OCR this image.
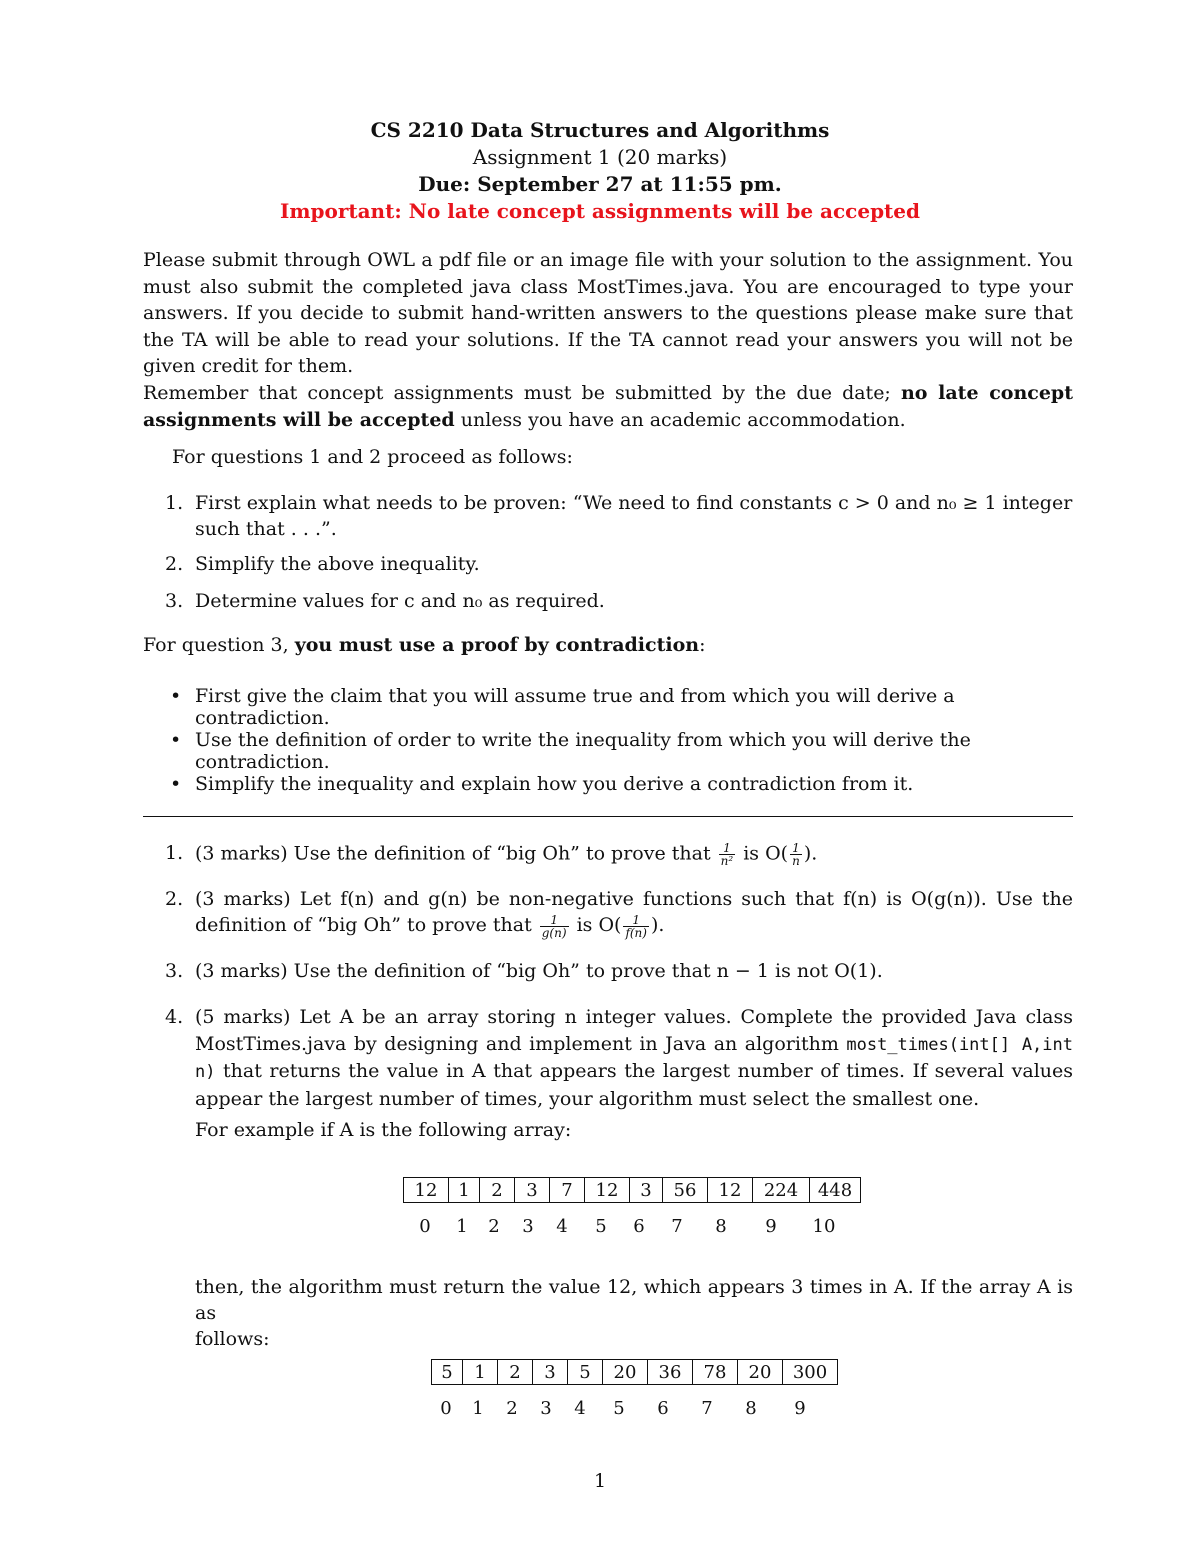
CS 2210 Data Structures and Algorithms
Assignment 1 (20 marks)
Due: September 27 at 11:55 pm.
Important: No late concept assignments will be accepted
Please submit through OWL a pdf file or an image file with your solution to the assignment. You must also submit the completed java class MostTimes.java. You are encouraged to type your answers. If you decide to submit hand-written answers to the questions please make sure that the TA will be able to read your solutions. If the TA cannot read your answers you will not be given credit for them.
Remember that concept assignments must be submitted by the due date; no late concept assignments will be accepted unless you have an academic accommodation.
For questions 1 and 2 proceed as follows:
1. First explain what needs to be proven: “We need to find constants c > 0 and n₀ ≥ 1 integer such that . . .”.
2. Simplify the above inequality.
3. Determine values for c and n₀ as required.
For question 3, you must use a proof by contradiction:
• First give the claim that you will assume true and from which you will derive a contradiction.
• Use the definition of order to write the inequality from which you will derive the contradiction.
• Simplify the inequality and explain how you derive a contradiction from it.
1. (3 marks) Use the definition of “big Oh” to prove that $\frac{1}{\text{n²}}$ is $O( \frac{1}{n}$ ).
2. (3 marks) Let f(n) and g(n) be non-negative functions such that f(n) is O(g(n)). Use the
definition of “big Oh” to prove that $\frac{1}{g(n)}$ is $O( \frac{1}{f(n)}$ ).
3. (3 marks) Use the definition of “big Oh” to prove that n − 1 is not O(1).
4. (5 marks) Let A be an array storing n integer values. Complete the provided Java class
MostTimes.java by designing and implement in Java an algorithm most_times(int[] A,int
n) that returns the value in A that appears the largest number of times. If several values
appear the largest number of times, your algorithm must select the smallest one.
For example if A is the following array:
12	1	2	3	7	12	3	56	12	224	448
0	1	2	3	4	5	6	7	8	9	10
then, the algorithm must return the value 12, which appears 3 times in A. If the array A is as
follows:
5	1	2	3	5	20	36	78	20	300
0	1	2	3	4	5	6	7	8	9
1
